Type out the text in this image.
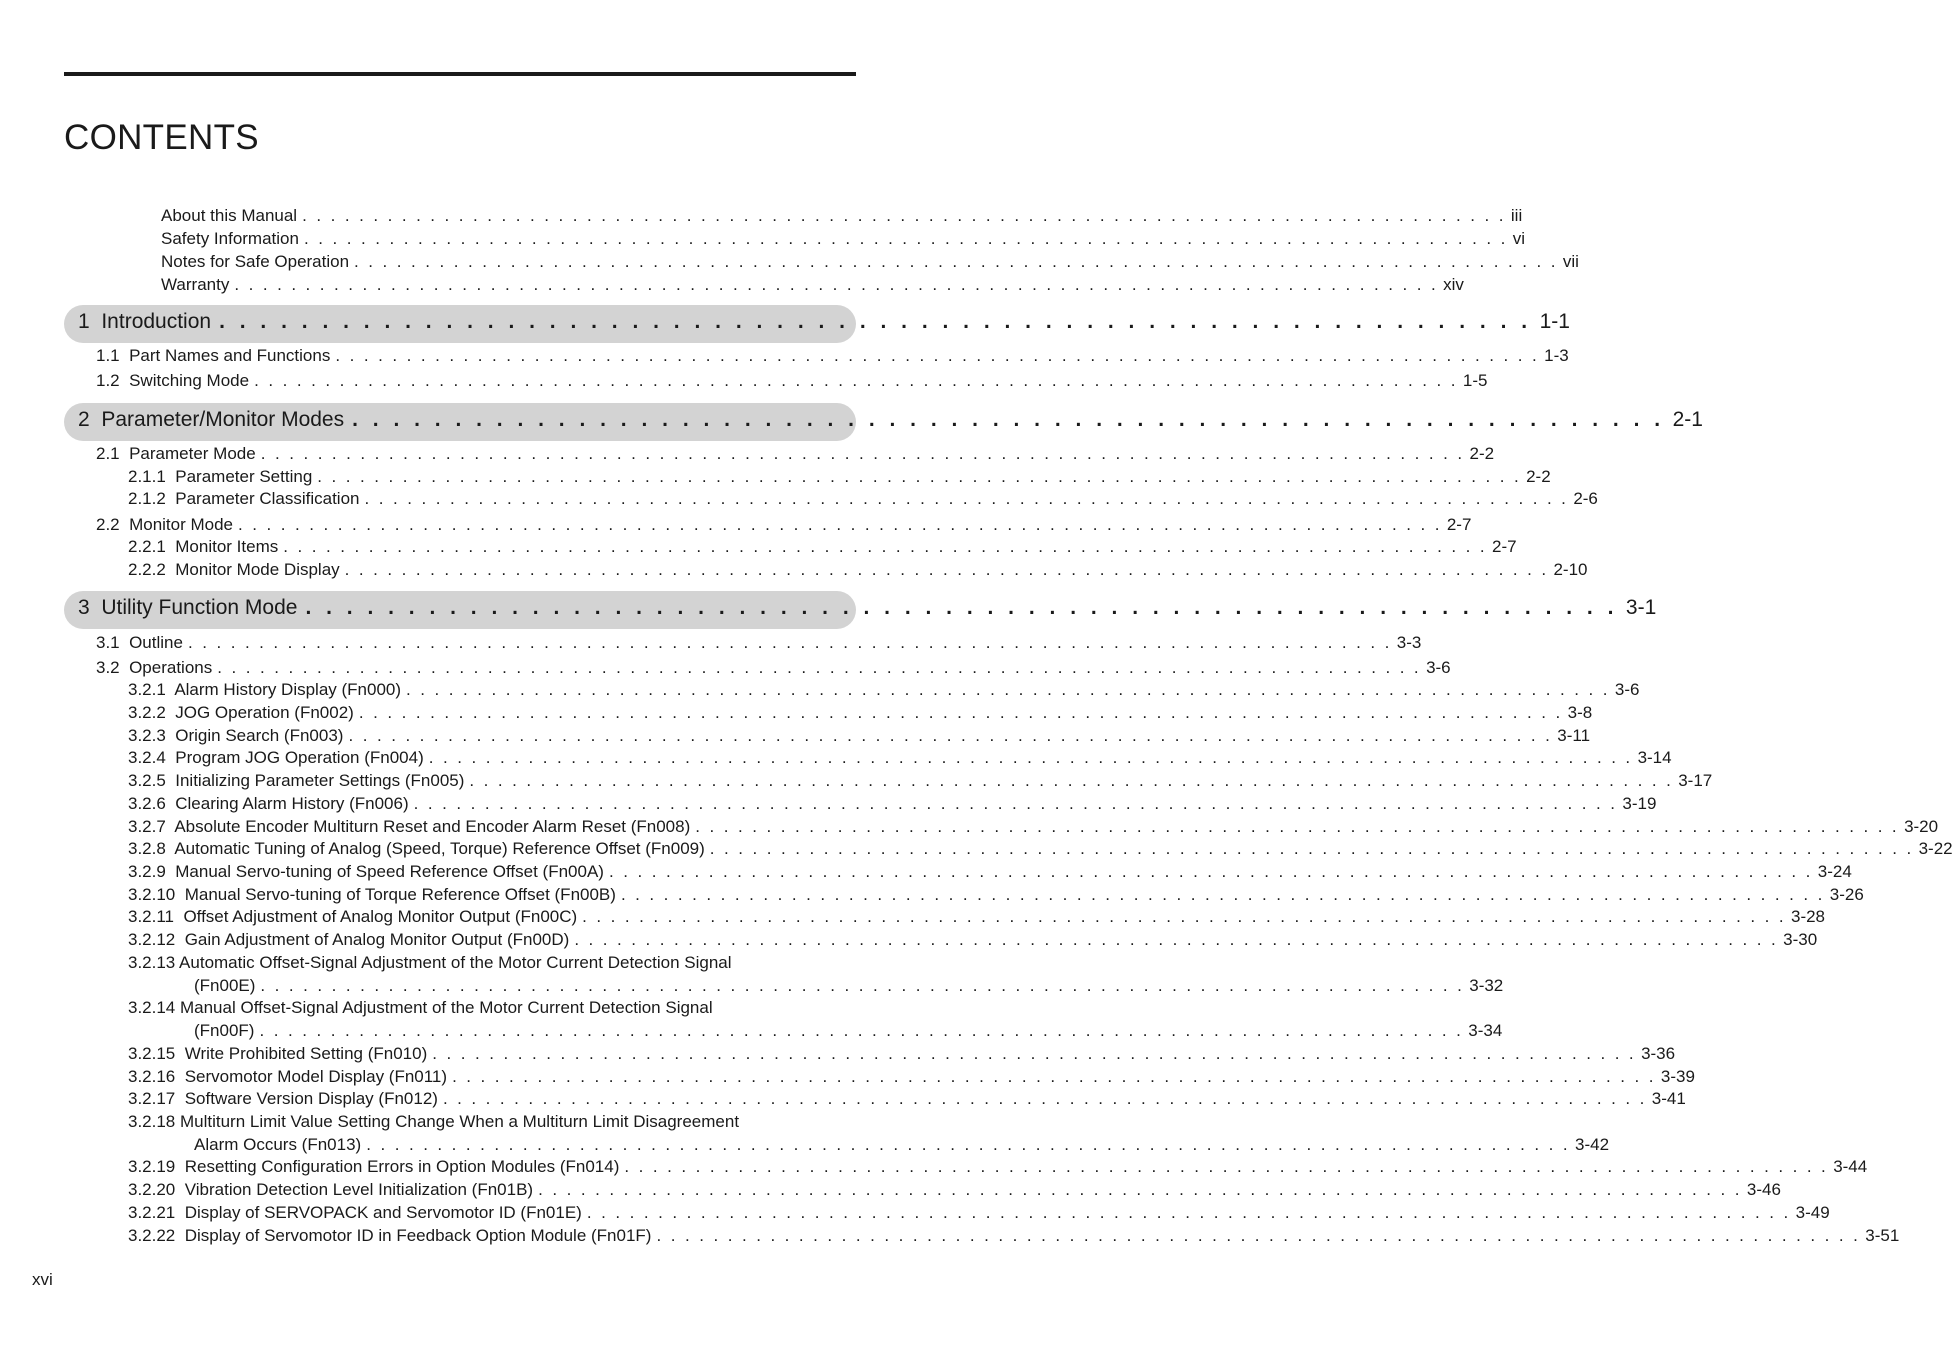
CONTENTS
About this Manual . . . . . . . . . . . . . . . . . . . . . . . . . . . . . . . . . . . . . . . . . . . . . . . . . . . . . . . . . . . . . . . . . . . . . . . . . . . . . . . . . . . . . iii
Safety Information . . . . . . . . . . . . . . . . . . . . . . . . . . . . . . . . . . . . . . . . . . . . . . . . . . . . . . . . . . . . . . . . . . . . . . . . . . . . . . . . . . . . . vi
Notes for Safe Operation . . . . . . . . . . . . . . . . . . . . . . . . . . . . . . . . . . . . . . . . . . . . . . . . . . . . . . . . . . . . . . . . . . . . . . . . . . . . . . . . . . . . . vii
Warranty . . . . . . . . . . . . . . . . . . . . . . . . . . . . . . . . . . . . . . . . . . . . . . . . . . . . . . . . . . . . . . . . . . . . . . . . . . . . . . . . . . . . . xiv
1  Introduction . . . . . . . . . . . . . . . . . . . . . . . . . . . . . . . . . . . . . . . . . . . . . . . . . . . . . . . . . . . . . . . . 1-1
1.1  Part Names and Functions . . . . . . . . . . . . . . . . . . . . . . . . . . . . . . . . . . . . . . . . . . . . . . . . . . . . . . . . . . . . . . . . . . . . . . . . . . . . . . . . . . . . . 1-3
1.2  Switching Mode . . . . . . . . . . . . . . . . . . . . . . . . . . . . . . . . . . . . . . . . . . . . . . . . . . . . . . . . . . . . . . . . . . . . . . . . . . . . . . . . . . . . . 1-5
2  Parameter/Monitor Modes . . . . . . . . . . . . . . . . . . . . . . . . . . . . . . . . . . . . . . . . . . . . . . . . . . . . . . . . . . . . . . . . 2-1
2.1  Parameter Mode . . . . . . . . . . . . . . . . . . . . . . . . . . . . . . . . . . . . . . . . . . . . . . . . . . . . . . . . . . . . . . . . . . . . . . . . . . . . . . . . . . . . . 2-2
2.1.1  Parameter Setting . . . . . . . . . . . . . . . . . . . . . . . . . . . . . . . . . . . . . . . . . . . . . . . . . . . . . . . . . . . . . . . . . . . . . . . . . . . . . . . . . . . . . 2-2
2.1.2  Parameter Classification . . . . . . . . . . . . . . . . . . . . . . . . . . . . . . . . . . . . . . . . . . . . . . . . . . . . . . . . . . . . . . . . . . . . . . . . . . . . . . . . . . . . . 2-6
2.2  Monitor Mode . . . . . . . . . . . . . . . . . . . . . . . . . . . . . . . . . . . . . . . . . . . . . . . . . . . . . . . . . . . . . . . . . . . . . . . . . . . . . . . . . . . . . 2-7
2.2.1  Monitor Items . . . . . . . . . . . . . . . . . . . . . . . . . . . . . . . . . . . . . . . . . . . . . . . . . . . . . . . . . . . . . . . . . . . . . . . . . . . . . . . . . . . . . 2-7
2.2.2  Monitor Mode Display . . . . . . . . . . . . . . . . . . . . . . . . . . . . . . . . . . . . . . . . . . . . . . . . . . . . . . . . . . . . . . . . . . . . . . . . . . . . . . . . . . . . . 2-10
3  Utility Function Mode . . . . . . . . . . . . . . . . . . . . . . . . . . . . . . . . . . . . . . . . . . . . . . . . . . . . . . . . . . . . . . . . 3-1
3.1  Outline . . . . . . . . . . . . . . . . . . . . . . . . . . . . . . . . . . . . . . . . . . . . . . . . . . . . . . . . . . . . . . . . . . . . . . . . . . . . . . . . . . . . . 3-3
3.2  Operations . . . . . . . . . . . . . . . . . . . . . . . . . . . . . . . . . . . . . . . . . . . . . . . . . . . . . . . . . . . . . . . . . . . . . . . . . . . . . . . . . . . . . 3-6
3.2.1  Alarm History Display (Fn000) . . . . . . . . . . . . . . . . . . . . . . . . . . . . . . . . . . . . . . . . . . . . . . . . . . . . . . . . . . . . . . . . . . . . . . . . . . . . . . . . . . . . . 3-6
3.2.2  JOG Operation (Fn002) . . . . . . . . . . . . . . . . . . . . . . . . . . . . . . . . . . . . . . . . . . . . . . . . . . . . . . . . . . . . . . . . . . . . . . . . . . . . . . . . . . . . . 3-8
3.2.3  Origin Search (Fn003) . . . . . . . . . . . . . . . . . . . . . . . . . . . . . . . . . . . . . . . . . . . . . . . . . . . . . . . . . . . . . . . . . . . . . . . . . . . . . . . . . . . . . 3-11
3.2.4  Program JOG Operation (Fn004) . . . . . . . . . . . . . . . . . . . . . . . . . . . . . . . . . . . . . . . . . . . . . . . . . . . . . . . . . . . . . . . . . . . . . . . . . . . . . . . . . . . . . 3-14
3.2.5  Initializing Parameter Settings (Fn005) . . . . . . . . . . . . . . . . . . . . . . . . . . . . . . . . . . . . . . . . . . . . . . . . . . . . . . . . . . . . . . . . . . . . . . . . . . . . . . . . . . . . . 3-17
3.2.6  Clearing Alarm History (Fn006) . . . . . . . . . . . . . . . . . . . . . . . . . . . . . . . . . . . . . . . . . . . . . . . . . . . . . . . . . . . . . . . . . . . . . . . . . . . . . . . . . . . . . 3-19
3.2.7  Absolute Encoder Multiturn Reset and Encoder Alarm Reset (Fn008) . . . . . . . . . . . . . . . . . . . . . . . . . . . . . . . . . . . . . . . . . . . . . . . . . . . . . . . . . . . . . . . . . . . . . . . . . . . . . . . . . . . . . 3-20
3.2.8  Automatic Tuning of Analog (Speed, Torque) Reference Offset (Fn009) . . . . . . . . . . . . . . . . . . . . . . . . . . . . . . . . . . . . . . . . . . . . . . . . . . . . . . . . . . . . . . . . . . . . . . . . . . . . . . . . . . . . . 3-22
3.2.9  Manual Servo-tuning of Speed Reference Offset (Fn00A) . . . . . . . . . . . . . . . . . . . . . . . . . . . . . . . . . . . . . . . . . . . . . . . . . . . . . . . . . . . . . . . . . . . . . . . . . . . . . . . . . . . . . 3-24
3.2.10  Manual Servo-tuning of Torque Reference Offset (Fn00B) . . . . . . . . . . . . . . . . . . . . . . . . . . . . . . . . . . . . . . . . . . . . . . . . . . . . . . . . . . . . . . . . . . . . . . . . . . . . . . . . . . . . . 3-26
3.2.11  Offset Adjustment of Analog Monitor Output (Fn00C) . . . . . . . . . . . . . . . . . . . . . . . . . . . . . . . . . . . . . . . . . . . . . . . . . . . . . . . . . . . . . . . . . . . . . . . . . . . . . . . . . . . . . 3-28
3.2.12  Gain Adjustment of Analog Monitor Output (Fn00D) . . . . . . . . . . . . . . . . . . . . . . . . . . . . . . . . . . . . . . . . . . . . . . . . . . . . . . . . . . . . . . . . . . . . . . . . . . . . . . . . . . . . . 3-30
3.2.13 Automatic Offset-Signal Adjustment of the Motor Current Detection Signal
(Fn00E) . . . . . . . . . . . . . . . . . . . . . . . . . . . . . . . . . . . . . . . . . . . . . . . . . . . . . . . . . . . . . . . . . . . . . . . . . . . . . . . . . . . . . 3-32
3.2.14 Manual Offset-Signal Adjustment of the Motor Current Detection Signal
(Fn00F) . . . . . . . . . . . . . . . . . . . . . . . . . . . . . . . . . . . . . . . . . . . . . . . . . . . . . . . . . . . . . . . . . . . . . . . . . . . . . . . . . . . . . 3-34
3.2.15  Write Prohibited Setting (Fn010) . . . . . . . . . . . . . . . . . . . . . . . . . . . . . . . . . . . . . . . . . . . . . . . . . . . . . . . . . . . . . . . . . . . . . . . . . . . . . . . . . . . . . 3-36
3.2.16  Servomotor Model Display (Fn011) . . . . . . . . . . . . . . . . . . . . . . . . . . . . . . . . . . . . . . . . . . . . . . . . . . . . . . . . . . . . . . . . . . . . . . . . . . . . . . . . . . . . . 3-39
3.2.17  Software Version Display (Fn012) . . . . . . . . . . . . . . . . . . . . . . . . . . . . . . . . . . . . . . . . . . . . . . . . . . . . . . . . . . . . . . . . . . . . . . . . . . . . . . . . . . . . . 3-41
3.2.18 Multiturn Limit Value Setting Change When a Multiturn Limit Disagreement
Alarm Occurs (Fn013) . . . . . . . . . . . . . . . . . . . . . . . . . . . . . . . . . . . . . . . . . . . . . . . . . . . . . . . . . . . . . . . . . . . . . . . . . . . . . . . . . . . . . 3-42
3.2.19  Resetting Configuration Errors in Option Modules (Fn014) . . . . . . . . . . . . . . . . . . . . . . . . . . . . . . . . . . . . . . . . . . . . . . . . . . . . . . . . . . . . . . . . . . . . . . . . . . . . . . . . . . . . . 3-44
3.2.20  Vibration Detection Level Initialization (Fn01B) . . . . . . . . . . . . . . . . . . . . . . . . . . . . . . . . . . . . . . . . . . . . . . . . . . . . . . . . . . . . . . . . . . . . . . . . . . . . . . . . . . . . . 3-46
3.2.21  Display of SERVOPACK and Servomotor ID (Fn01E) . . . . . . . . . . . . . . . . . . . . . . . . . . . . . . . . . . . . . . . . . . . . . . . . . . . . . . . . . . . . . . . . . . . . . . . . . . . . . . . . . . . . . 3-49
3.2.22  Display of Servomotor ID in Feedback Option Module (Fn01F) . . . . . . . . . . . . . . . . . . . . . . . . . . . . . . . . . . . . . . . . . . . . . . . . . . . . . . . . . . . . . . . . . . . . . . . . . . . . . . . . . . . . . 3-51
xvi
